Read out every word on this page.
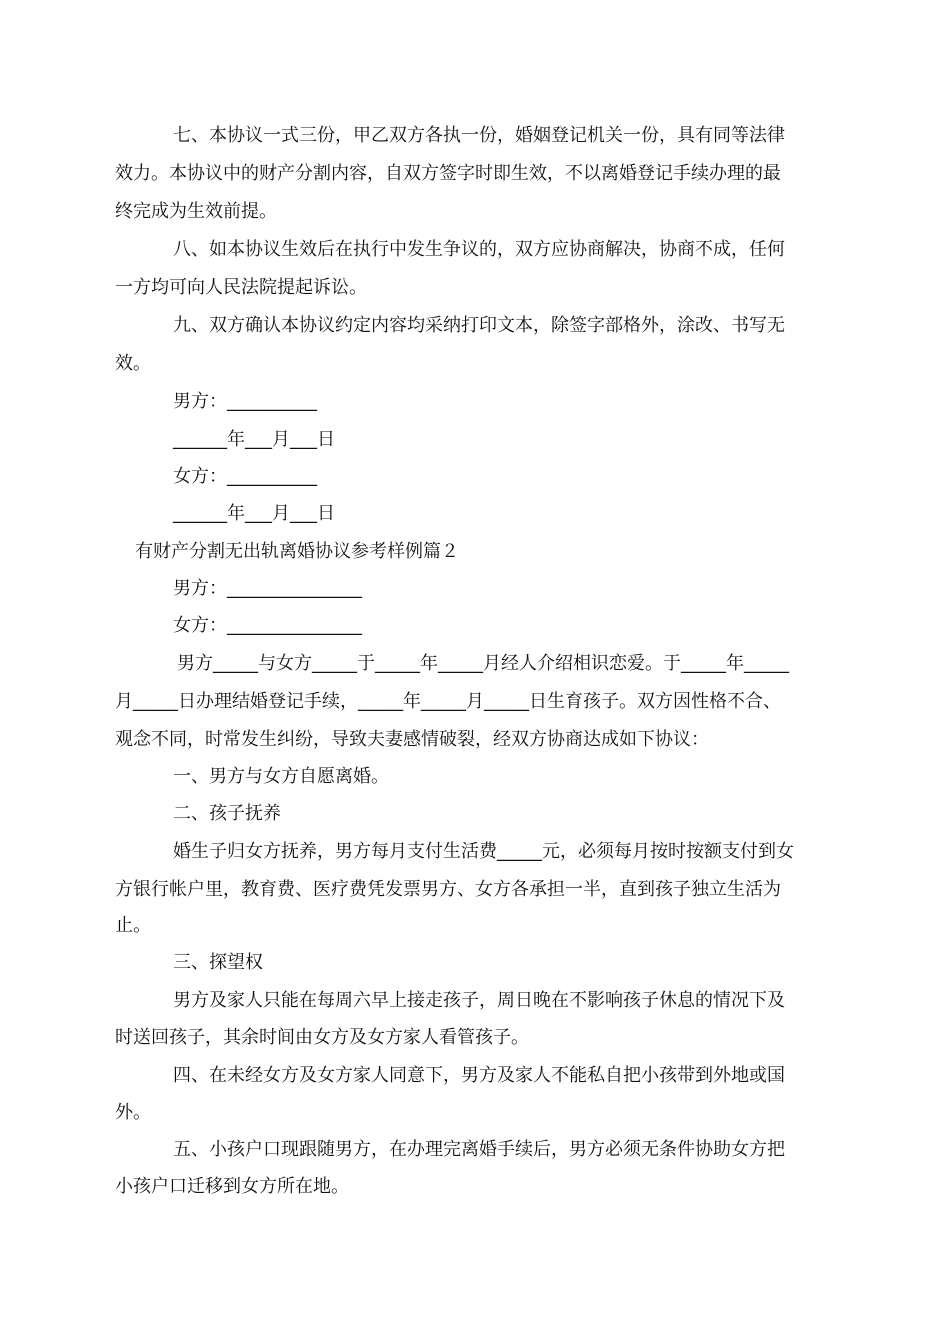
七、本协议一式三份，甲乙双方各执一份，婚姻登记机关一份，具有同等法律

效力。本协议中的财产分割内容，自双方签字时即生效，不以离婚登记手续办理的最

终完成为生效前提。

八、如本协议生效后在执行中发生争议的，双方应协商解决，协商不成，任何

一方均可向人民法院提起诉讼。

九、双方确认本协议约定内容均采纳打印文本，除签字部格外，涂改、书写无

效。

男方：__________

______年___月___日

女方：__________

______年___月___日

有财产分割无出轨离婚协议参考样例篇２

男方：_______________

女方：_______________

男方_____与女方_____于_____年_____月经人介绍相识恋爱。于_____年_____

月_____日办理结婚登记手续，_____年_____月_____日生育孩子。双方因性格不合、

观念不同，时常发生纠纷，导致夫妻感情破裂，经双方协商达成如下协议：

一、男方与女方自愿离婚。

二、孩子抚养

婚生子归女方抚养，男方每月支付生活费_____元，必须每月按时按额支付到女

方银行帐户里，教育费、医疗费凭发票男方、女方各承担一半，直到孩子独立生活为

止。

三、探望权

男方及家人只能在每周六早上接走孩子，周日晚在不影响孩子休息的情况下及

时送回孩子，其余时间由女方及女方家人看管孩子。

四、在未经女方及女方家人同意下，男方及家人不能私自把小孩带到外地或国

外。

五、小孩户口现跟随男方，在办理完离婚手续后，男方必须无条件协助女方把

小孩户口迁移到女方所在地。
